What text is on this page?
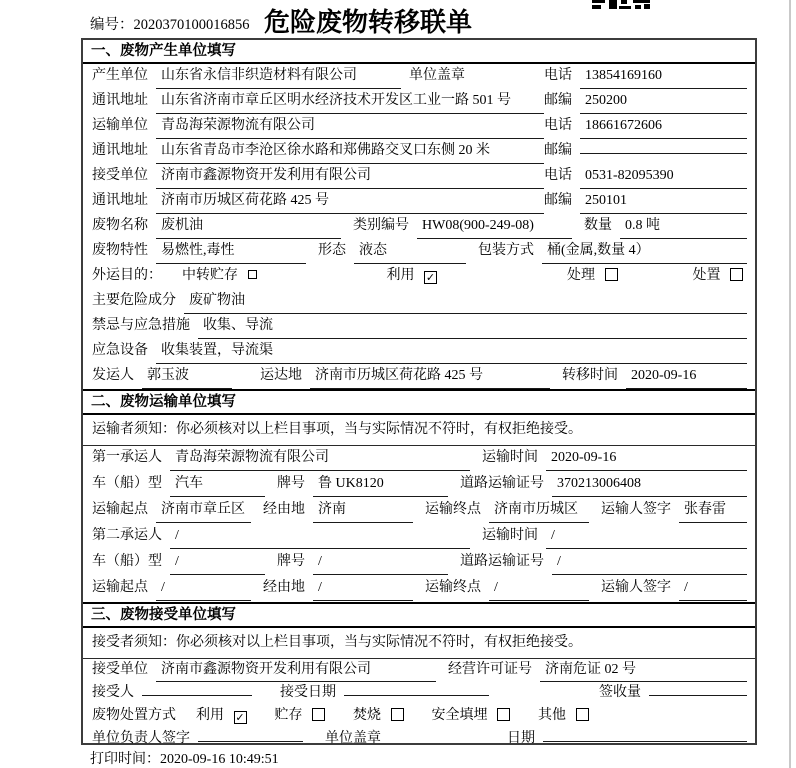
编号：2020370100016856 危险废物转移联单
一、废物产生单位填写
产生单位 山东省永信非织造材料有限公司	单位盖章	电话 13854169160
通讯地址 山东省济南市章丘区明水经济技术开发区工业一路 501 号	邮编 250200
运输单位 青岛海荣源物流有限公司	电话 18661672606
通讯地址 山东省青岛市李沧区徐水路和郑佛路交叉口东侧 20 米	邮编
接受单位 济南市鑫源物资开发利用有限公司	电话 0531-82095390
通讯地址 济南市历城区荷花路 425 号	邮编 250101
废物名称 废机油	类别编号 HW08(900-249-08)	数量 0.8 吨
废物特性 易燃性,毒性	形态 液态	包装方式 桶(金属,数量 4）
外运目的： 中转贮存	利用 ✓	处理	处置
主要危险成分 废矿物油
禁忌与应急措施 收集、导流
应急设备 收集装置，导流渠
发运人 郭玉波	运达地 济南市历城区荷花路 425 号	转移时间 2020-09-16
二、废物运输单位填写
运输者须知：你必须核对以上栏目事项，当与实际情况不符时，有权拒绝接受。
第一承运人 青岛海荣源物流有限公司	运输时间 2020-09-16
车（船）型 汽车	牌号 鲁 UK8120	道路运输证号 370213006408
运输起点 济南市章丘区	经由地 济南	运输终点 济南市历城区	运输人签字 张春雷
第二承运人 /	运输时间 /
车（船）型 /	牌号 /	道路运输证号 /
运输起点 /	经由地 /	运输终点 /	运输人签字 /
三、废物接受单位填写
接受者须知：你必须核对以上栏目事项，当与实际情况不符时，有权拒绝接受。
接受单位 济南市鑫源物资开发利用有限公司	经营许可证号 济南危证 02 号
接受人	接受日期	签收量
废物处置方式 利用 ✓	贮存	焚烧	安全填埋	其他
单位负责人签字	单位盖章	日期
打印时间：2020-09-16 10:49:51
